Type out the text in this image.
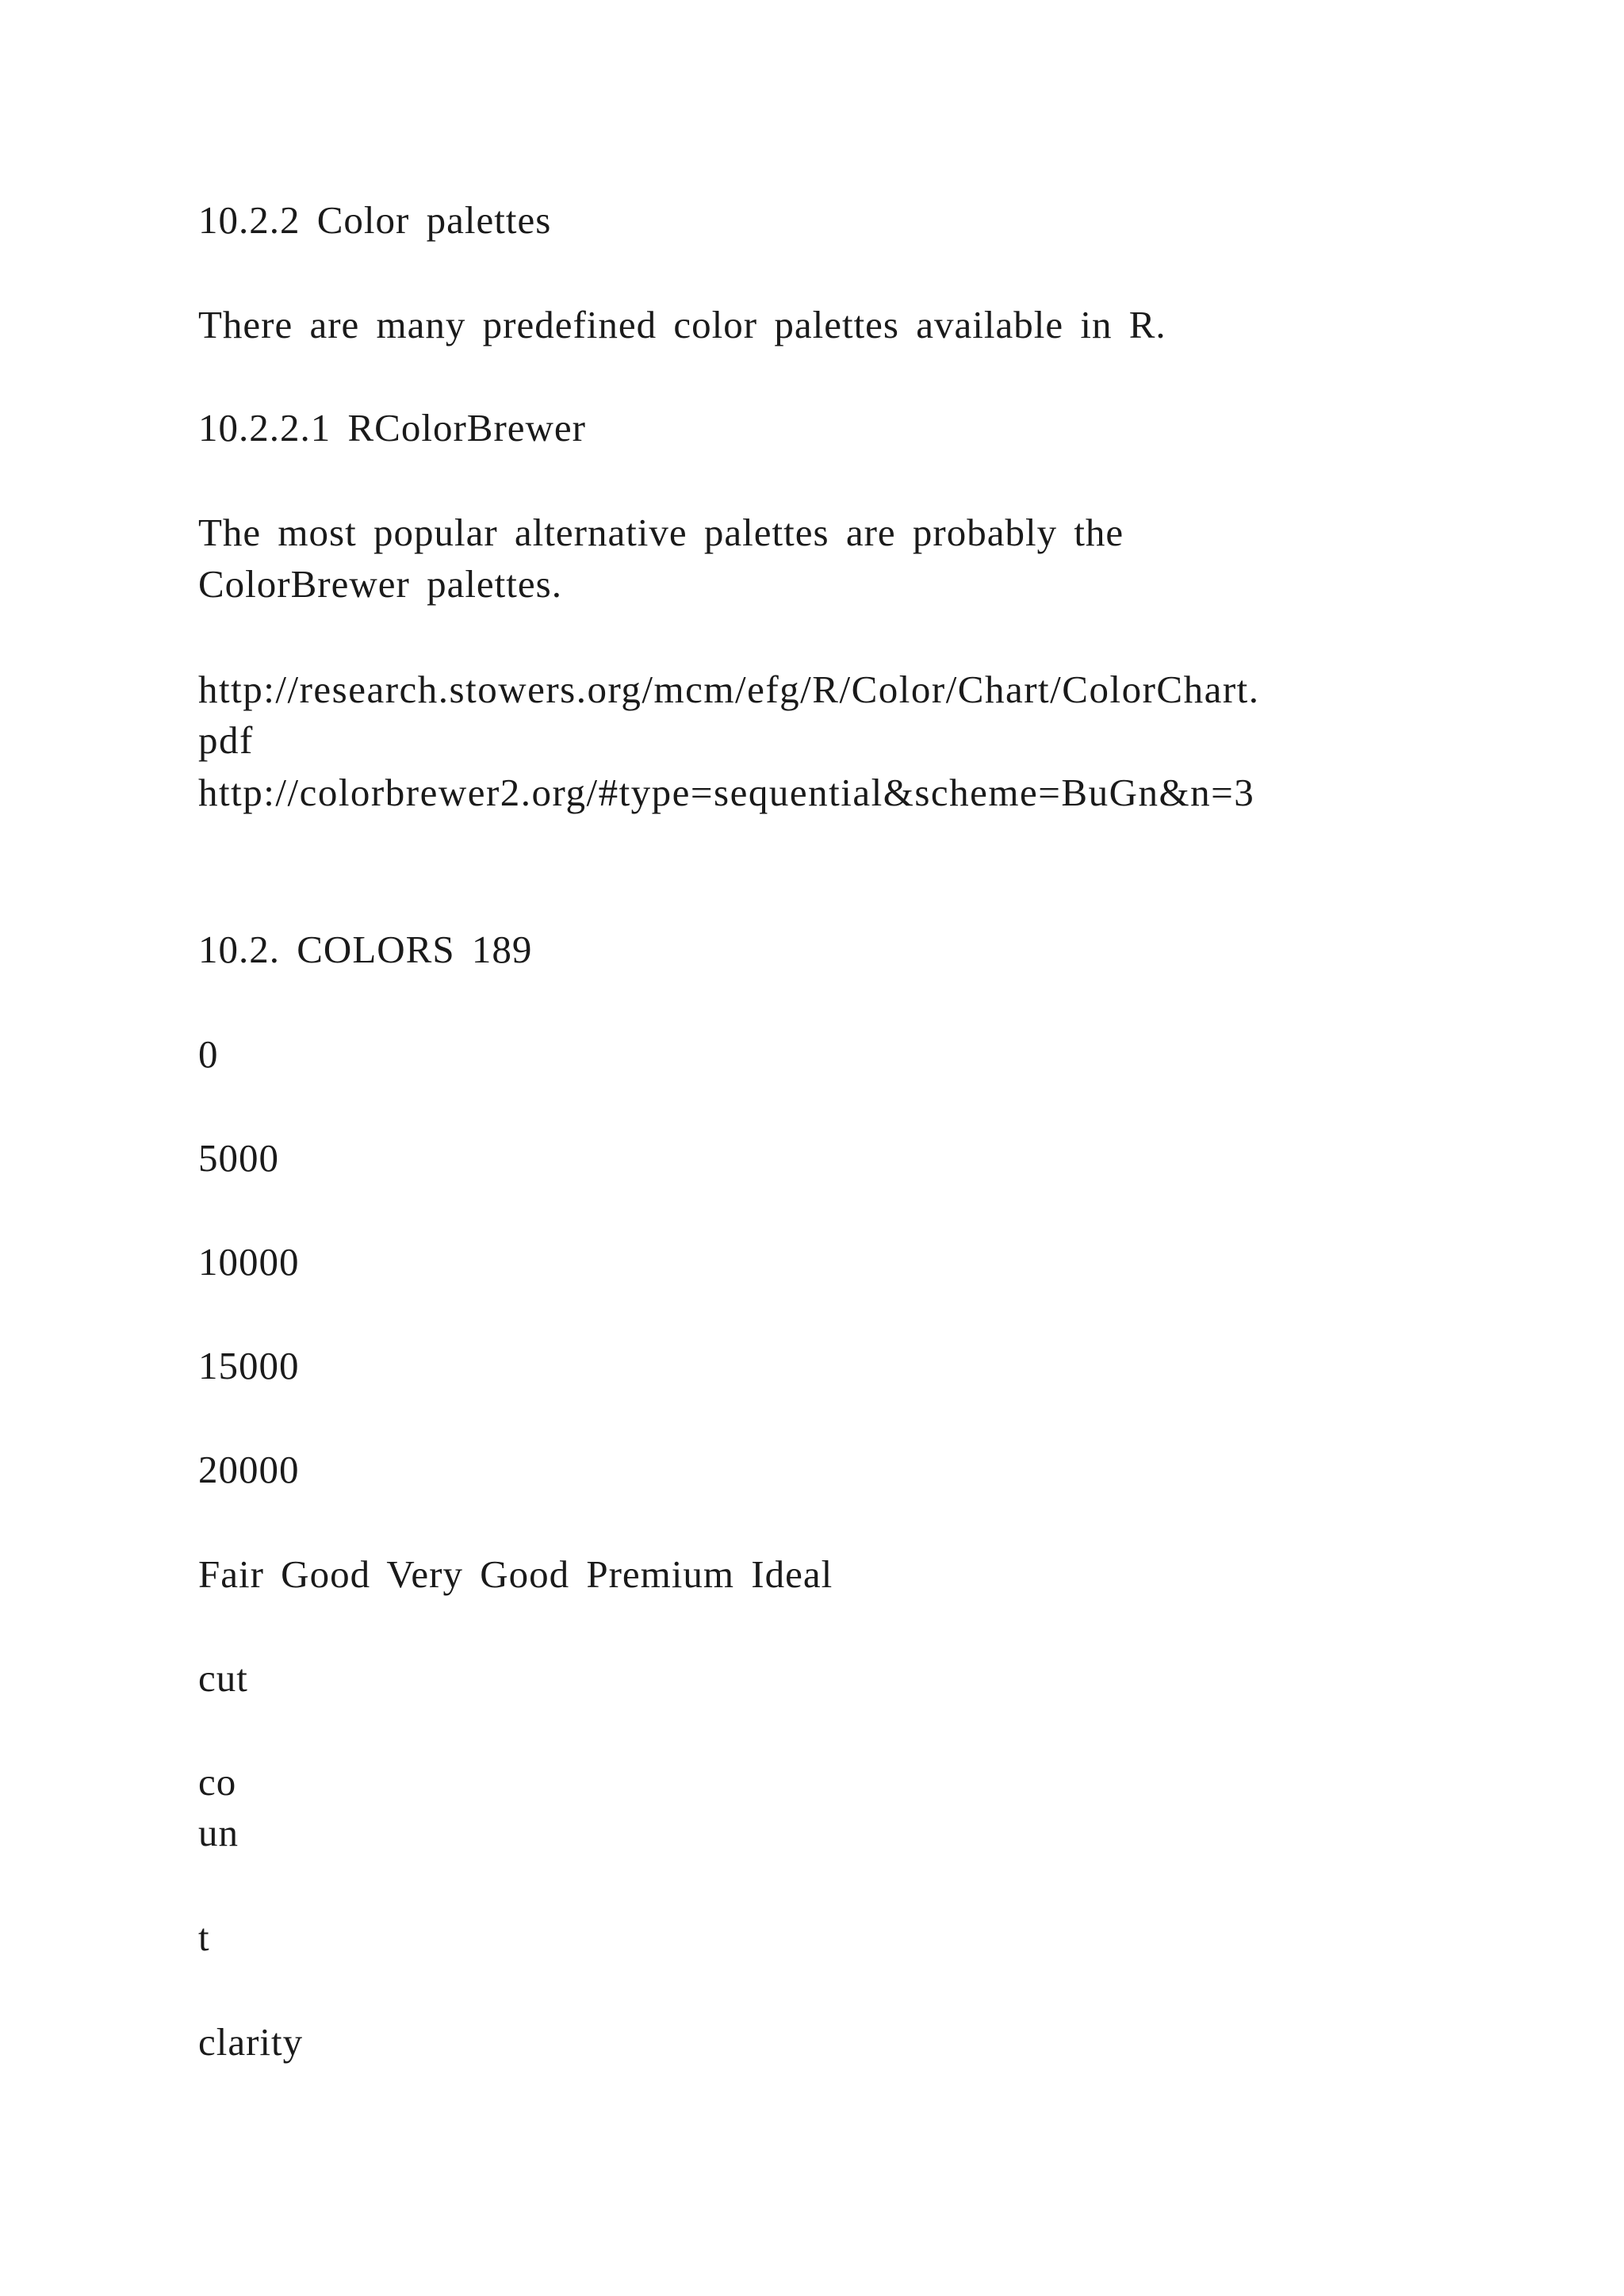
10.2.2 Color palettes
There are many predefined color palettes available in R.
10.2.2.1 RColorBrewer
The most popular alternative palettes are probably the
ColorBrewer palettes.
http://research.stowers.org/mcm/efg/R/Color/Chart/ColorChart.
pdf
http://colorbrewer2.org/#type=sequential&scheme=BuGn&n=3
10.2. COLORS 189
0
5000
10000
15000
20000
Fair Good Very Good Premium Ideal
cut
co
un
t
clarity
